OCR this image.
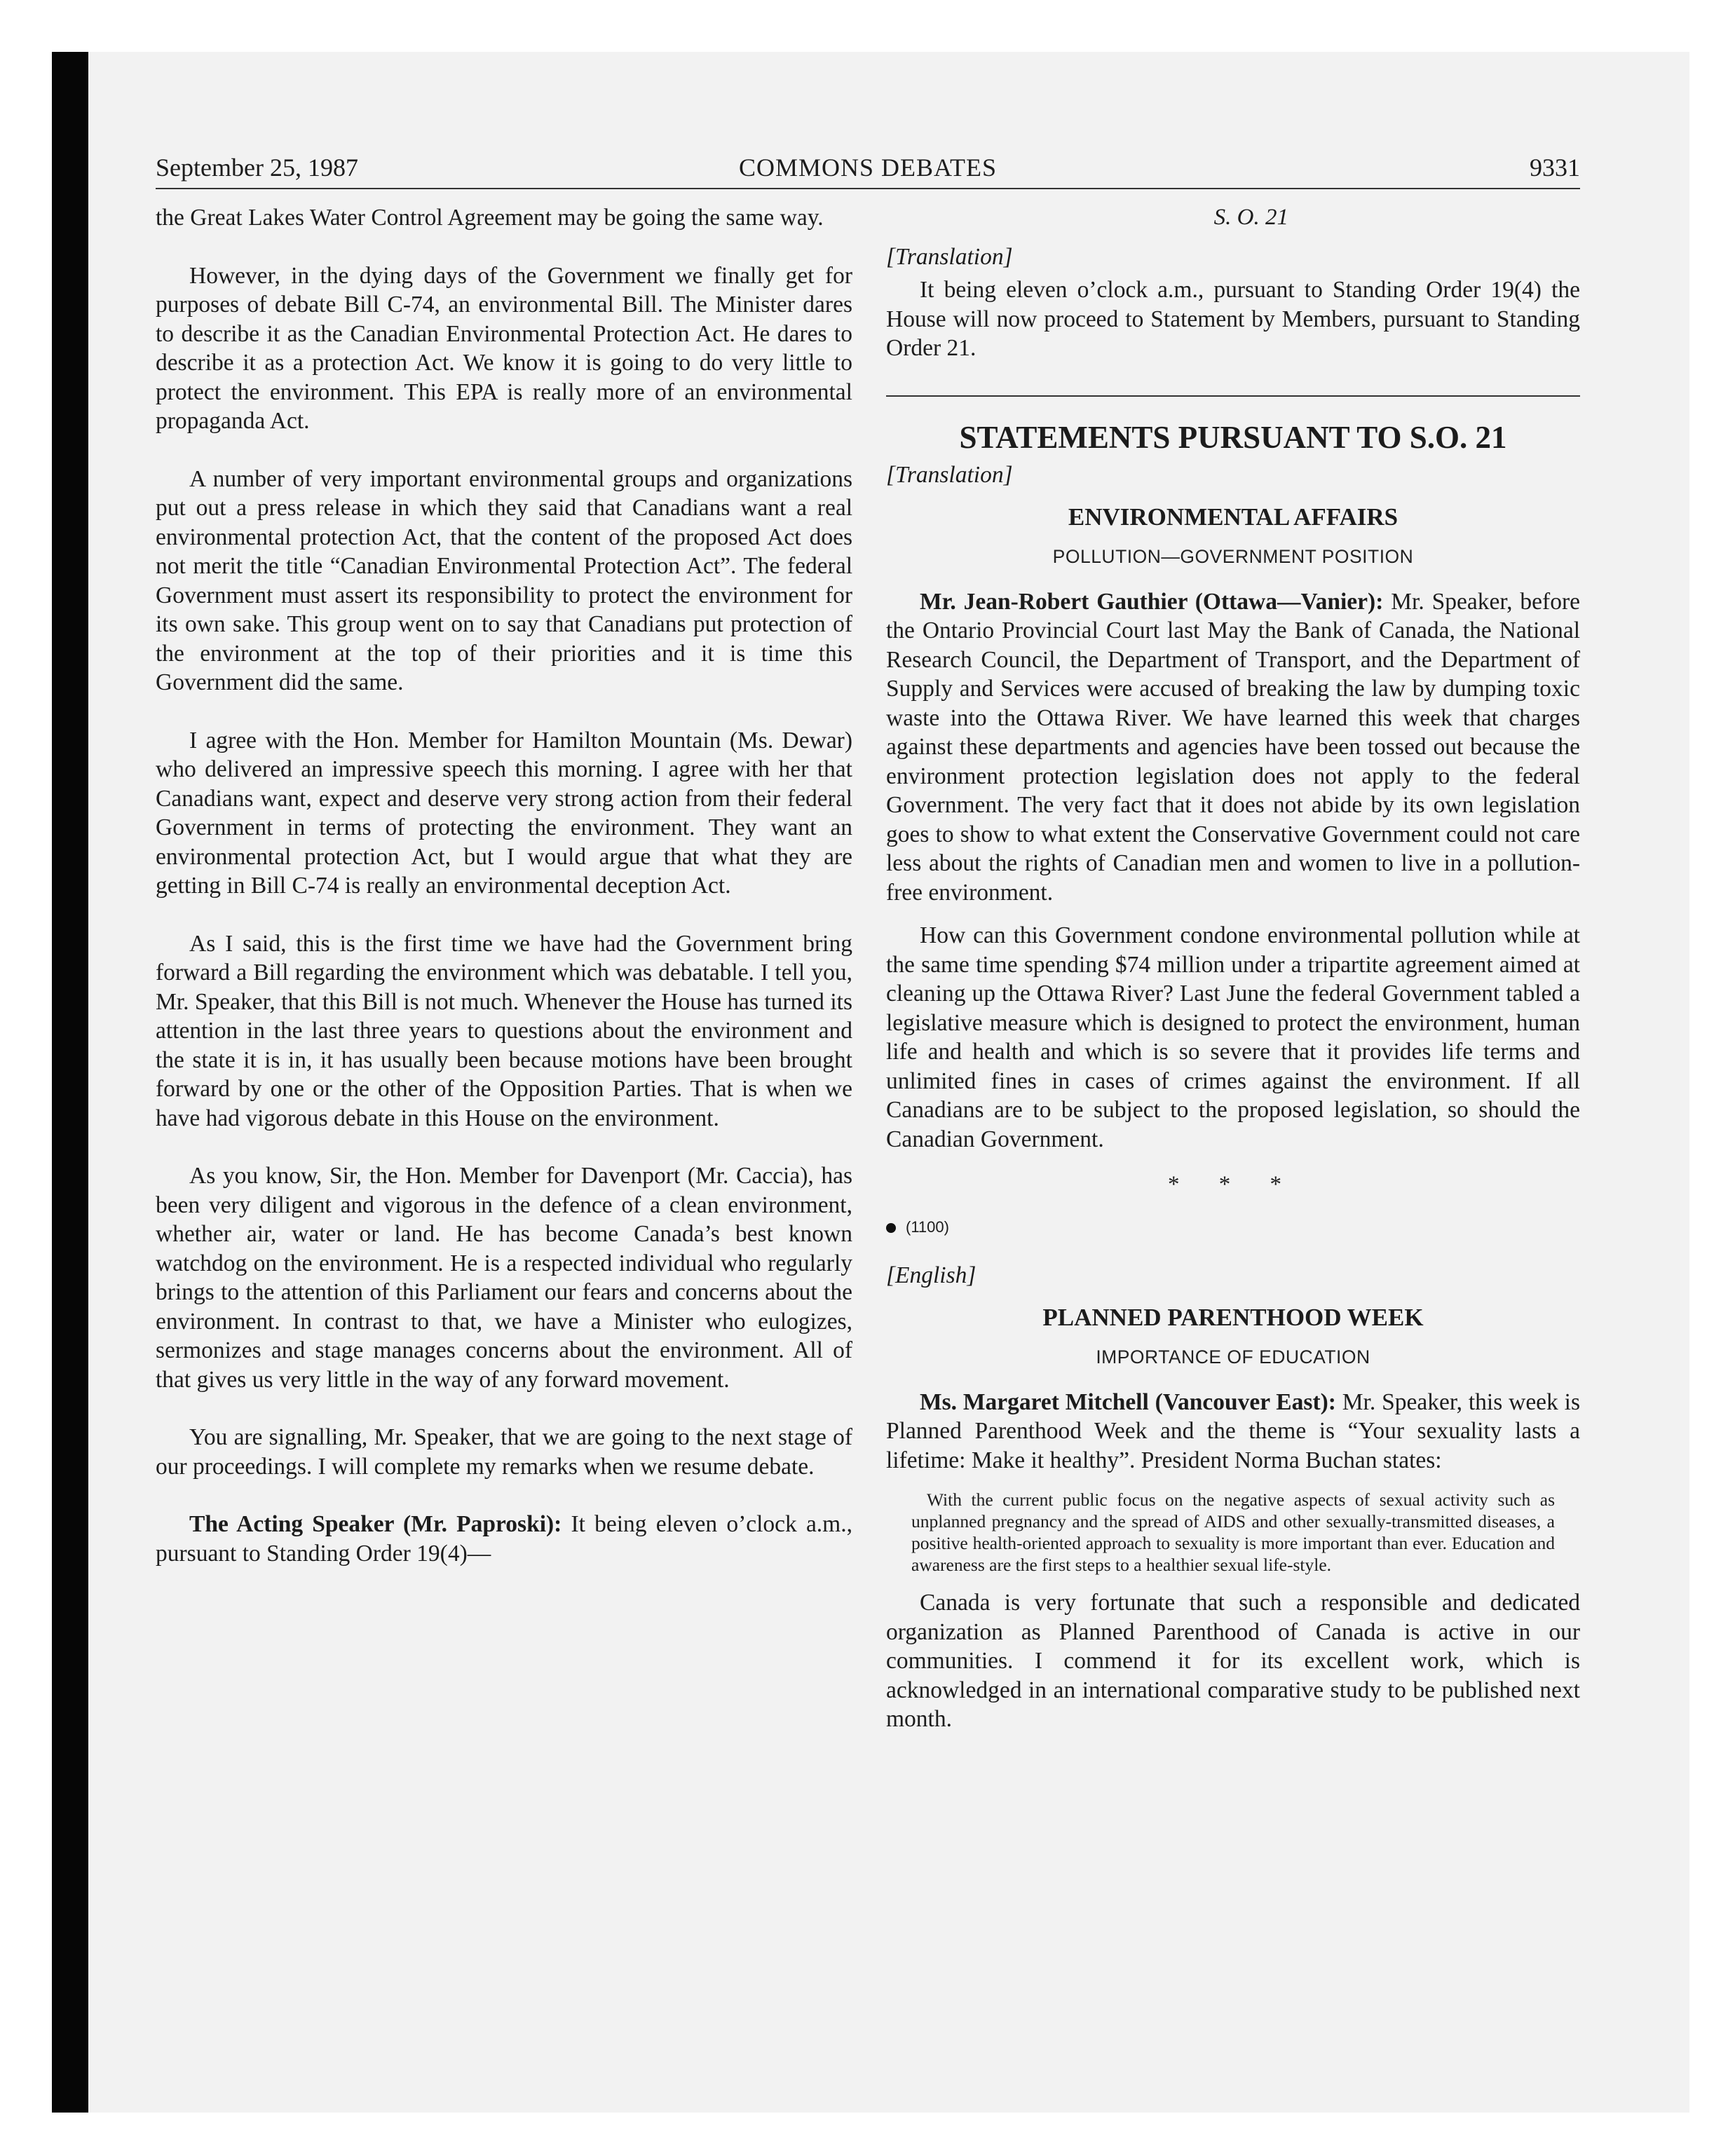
COMMONS DEBATES
September 25, 1987	9331

the Great Lakes Water Control Agreement may be going the same way.

However, in the dying days of the Government we finally get for purposes of debate Bill C-74, an environmental Bill. The Minister dares to describe it as the Canadian Environmental Protection Act. He dares to describe it as a protection Act. We know it is going to do very little to protect the environment. This EPA is really more of an environmental propaganda Act.

A number of very important environmental groups and organizations put out a press release in which they said that Canadians want a real environmental protection Act, that the content of the proposed Act does not merit the title “Canadian Environmental Protection Act”. The federal Government must assert its responsibility to protect the environment for its own sake. This group went on to say that Canadians put protection of the environment at the top of their priorities and it is time this Government did the same.

I agree with the Hon. Member for Hamilton Mountain (Ms. Dewar) who delivered an impressive speech this morning. I agree with her that Canadians want, expect and deserve very strong action from their federal Government in terms of protecting the environment. They want an environmental protection Act, but I would argue that what they are getting in Bill C-74 is really an environmental deception Act.

As I said, this is the first time we have had the Government bring forward a Bill regarding the environment which was debatable. I tell you, Mr. Speaker, that this Bill is not much. Whenever the House has turned its attention in the last three years to questions about the environment and the state it is in, it has usually been because motions have been brought forward by one or the other of the Opposition Parties. That is when we have had vigorous debate in this House on the environment.

As you know, Sir, the Hon. Member for Davenport (Mr. Caccia), has been very diligent and vigorous in the defence of a clean environment, whether air, water or land. He has become Canada’s best known watchdog on the environment. He is a respected individual who regularly brings to the attention of this Parliament our fears and concerns about the environment. In contrast to that, we have a Minister who eulogizes, sermonizes and stage manages concerns about the environment. All of that gives us very little in the way of any forward movement.

You are signalling, Mr. Speaker, that we are going to the next stage of our proceedings. I will complete my remarks when we resume debate.

The Acting Speaker (Mr. Paproski): It being eleven o’clock a.m., pursuant to Standing Order 19(4)—

S. O. 21
[Translation]

It being eleven o’clock a.m., pursuant to Standing Order 19(4) the House will now proceed to Statement by Members, pursuant to Standing Order 21.

STATEMENTS PURSUANT TO S.O. 21
[Translation]
ENVIRONMENTAL AFFAIRS
POLLUTION—GOVERNMENT POSITION

Mr. Jean-Robert Gauthier (Ottawa—Vanier): Mr. Speaker, before the Ontario Provincial Court last May the Bank of Canada, the National Research Council, the Department of Transport, and the Department of Supply and Services were accused of breaking the law by dumping toxic waste into the Ottawa River. We have learned this week that charges against these departments and agencies have been tossed out because the environment protection legislation does not apply to the federal Government. The very fact that it does not abide by its own legislation goes to show to what extent the Conservative Government could not care less about the rights of Canadian men and women to live in a pollution-free environment.

How can this Government condone environmental pollution while at the same time spending $74 million under a tripartite agreement aimed at cleaning up the Ottawa River? Last June the federal Government tabled a legislative measure which is designed to protect the environment, human life and health and which is so severe that it provides life terms and unlimited fines in cases of crimes against the environment. If all Canadians are to be subject to the proposed legislation, so should the Canadian Government.

* * *
(1100)
[English]
PLANNED PARENTHOOD WEEK
IMPORTANCE OF EDUCATION

Ms. Margaret Mitchell (Vancouver East): Mr. Speaker, this week is Planned Parenthood Week and the theme is “Your sexuality lasts a lifetime: Make it healthy”. President Norma Buchan states:

With the current public focus on the negative aspects of sexual activity such as unplanned pregnancy and the spread of AIDS and other sexually-transmitted diseases, a positive health-oriented approach to sexuality is more important than ever. Education and awareness are the first steps to a healthier sexual life-style.

Canada is very fortunate that such a responsible and dedicated organization as Planned Parenthood of Canada is active in our communities. I commend it for its excellent work, which is acknowledged in an international comparative study to be published next month.
